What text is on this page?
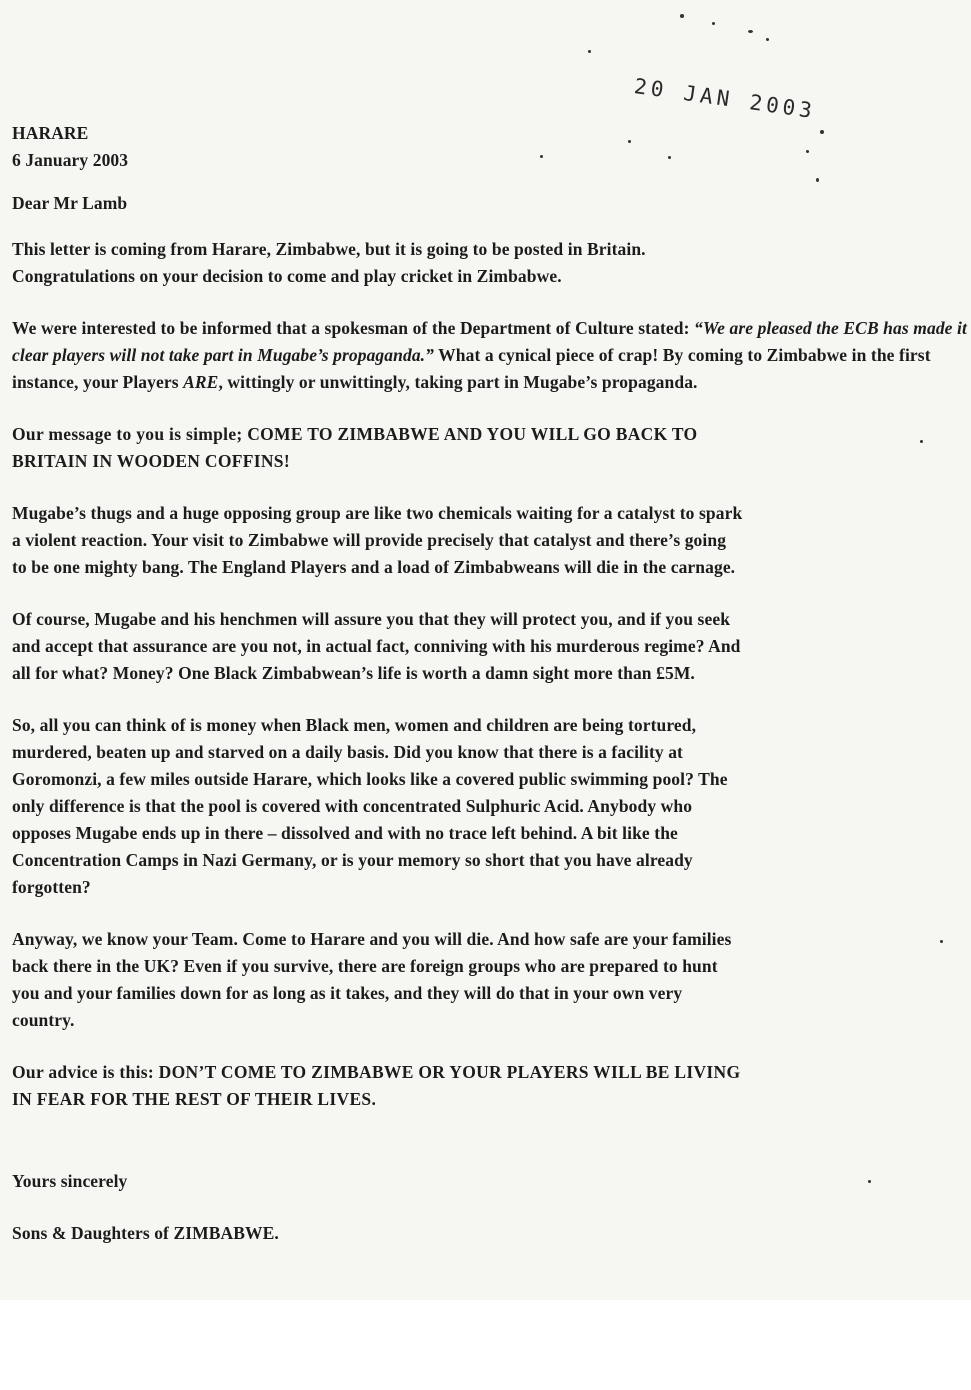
20 JAN 2003

HARARE
6 January 2003

Dear Mr Lamb

This letter is coming from Harare, Zimbabwe, but it is going to be posted in Britain.
Congratulations on your decision to come and play cricket in Zimbabwe.

We were interested to be informed that a spokesman of the Department of Culture stated: “We are pleased the ECB has made it clear players will not take part in Mugabe’s propaganda.” What a cynical piece of crap! By coming to Zimbabwe in the first instance, your Players ARE, wittingly or unwittingly, taking part in Mugabe’s propaganda.

Our message to you is simple; COME TO ZIMBABWE AND YOU WILL GO BACK TO
BRITAIN IN WOODEN COFFINS!

Mugabe’s thugs and a huge opposing group are like two chemicals waiting for a catalyst to spark
a violent reaction. Your visit to Zimbabwe will provide precisely that catalyst and there’s going
to be one mighty bang. The England Players and a load of Zimbabweans will die in the carnage.

Of course, Mugabe and his henchmen will assure you that they will protect you, and if you seek
and accept that assurance are you not, in actual fact, conniving with his murderous regime? And
all for what? Money? One Black Zimbabwean’s life is worth a damn sight more than £5M.

So, all you can think of is money when Black men, women and children are being tortured,
murdered, beaten up and starved on a daily basis. Did you know that there is a facility at
Goromonzi, a few miles outside Harare, which looks like a covered public swimming pool? The
only difference is that the pool is covered with concentrated Sulphuric Acid. Anybody who
opposes Mugabe ends up in there – dissolved and with no trace left behind. A bit like the
Concentration Camps in Nazi Germany, or is your memory so short that you have already
forgotten?

Anyway, we know your Team. Come to Harare and you will die. And how safe are your families
back there in the UK? Even if you survive, there are foreign groups who are prepared to hunt
you and your families down for as long as it takes, and they will do that in your own very
country.

Our advice is this: DON’T COME TO ZIMBABWE OR YOUR PLAYERS WILL BE LIVING
IN FEAR FOR THE REST OF THEIR LIVES.

Yours sincerely

Sons & Daughters of ZIMBABWE.
